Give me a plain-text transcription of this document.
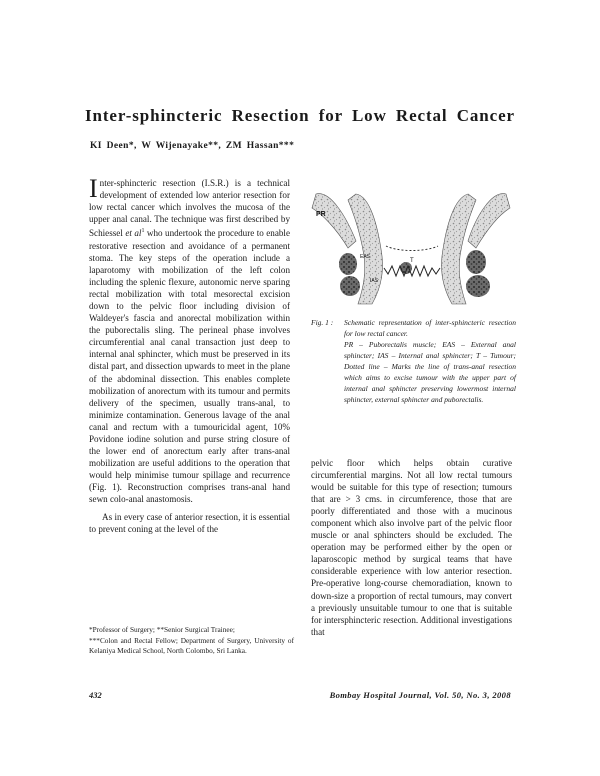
Inter-sphincteric Resection for Low Rectal Cancer
KI Deen*, W Wijenayake**, ZM Hassan***

Inter-sphincteric resection (I.S.R.) is a technical development of extended low anterior resection for low rectal cancer which involves the mucosa of the upper anal canal. The technique was first described by Schiessel et $al^1$ who undertook the procedure to enable restorative resection and avoidance of a permanent stoma. The key steps of the operation include a laparotomy with mobilization of the left colon including the splenic flexure, autonomic nerve sparing rectal mobilization with total mesorectal excision down to the pelvic floor including division of Waldeyer's fascia and anorectal mobilization within the puborectalis sling. The perineal phase involves circumferential anal canal transaction just deep to internal anal sphincter, which must be preserved in its distal part, and dissection upwards to meet in the plane of the abdominal dissection. This enables complete mobilization of anorectum with its tumour and permits delivery of the specimen, usually trans-anal, to minimize contamination. Generous lavage of the anal canal and rectum with a tumouricidal agent, 10% Povidone iodine solution and purse string closure of the lower end of anorectum early after trans-anal mobilization are useful additions to the operation that would help minimise tumour spillage and recurrence (Fig. 1). Reconstruction comprises trans-anal hand sewn colo-anal anastomosis.

As in every case of anterior resection, it is essential to prevent coning at the level of the

*Professor of Surgery; **Senior Surgical Trainee;

***Colon and Rectal Fellow; Department of Surgery, University of Kelaniya Medical School, North Colombo, Sri Lanka.

PR
EAS
IAS
T
Fig. 1 :	Schematic representation of inter-sphincteric resection for low rectal cancer.

PR – Puborectalis muscle; EAS – External anal sphincter; IAS – Internal anal sphincter; T – Tumour; Dotted line – Marks the line of trans-anal resection which aims to excise tumour with the upper part of internal anal sphincter preserving lowermost internal sphincter, external sphincter and puborectalis.

pelvic floor which helps obtain curative circumferential margins. Not all low rectal tumours would be suitable for this type of resection; tumours that are > 3 cms. in circumference, those that are poorly differentiated and those with a mucinous component which also involve part of the pelvic floor muscle or anal sphincters should be excluded. The operation may be performed either by the open or laparoscopic method by surgical teams that have considerable experience with low anterior resection. Pre-operative long-course chemoradiation, known to down-size a proportion of rectal tumours, may convert a previously unsuitable tumour to one that is suitable for intersphincteric resection. Additional investigations that

432	Bombay Hospital Journal, Vol. 50, No. 3, 2008
